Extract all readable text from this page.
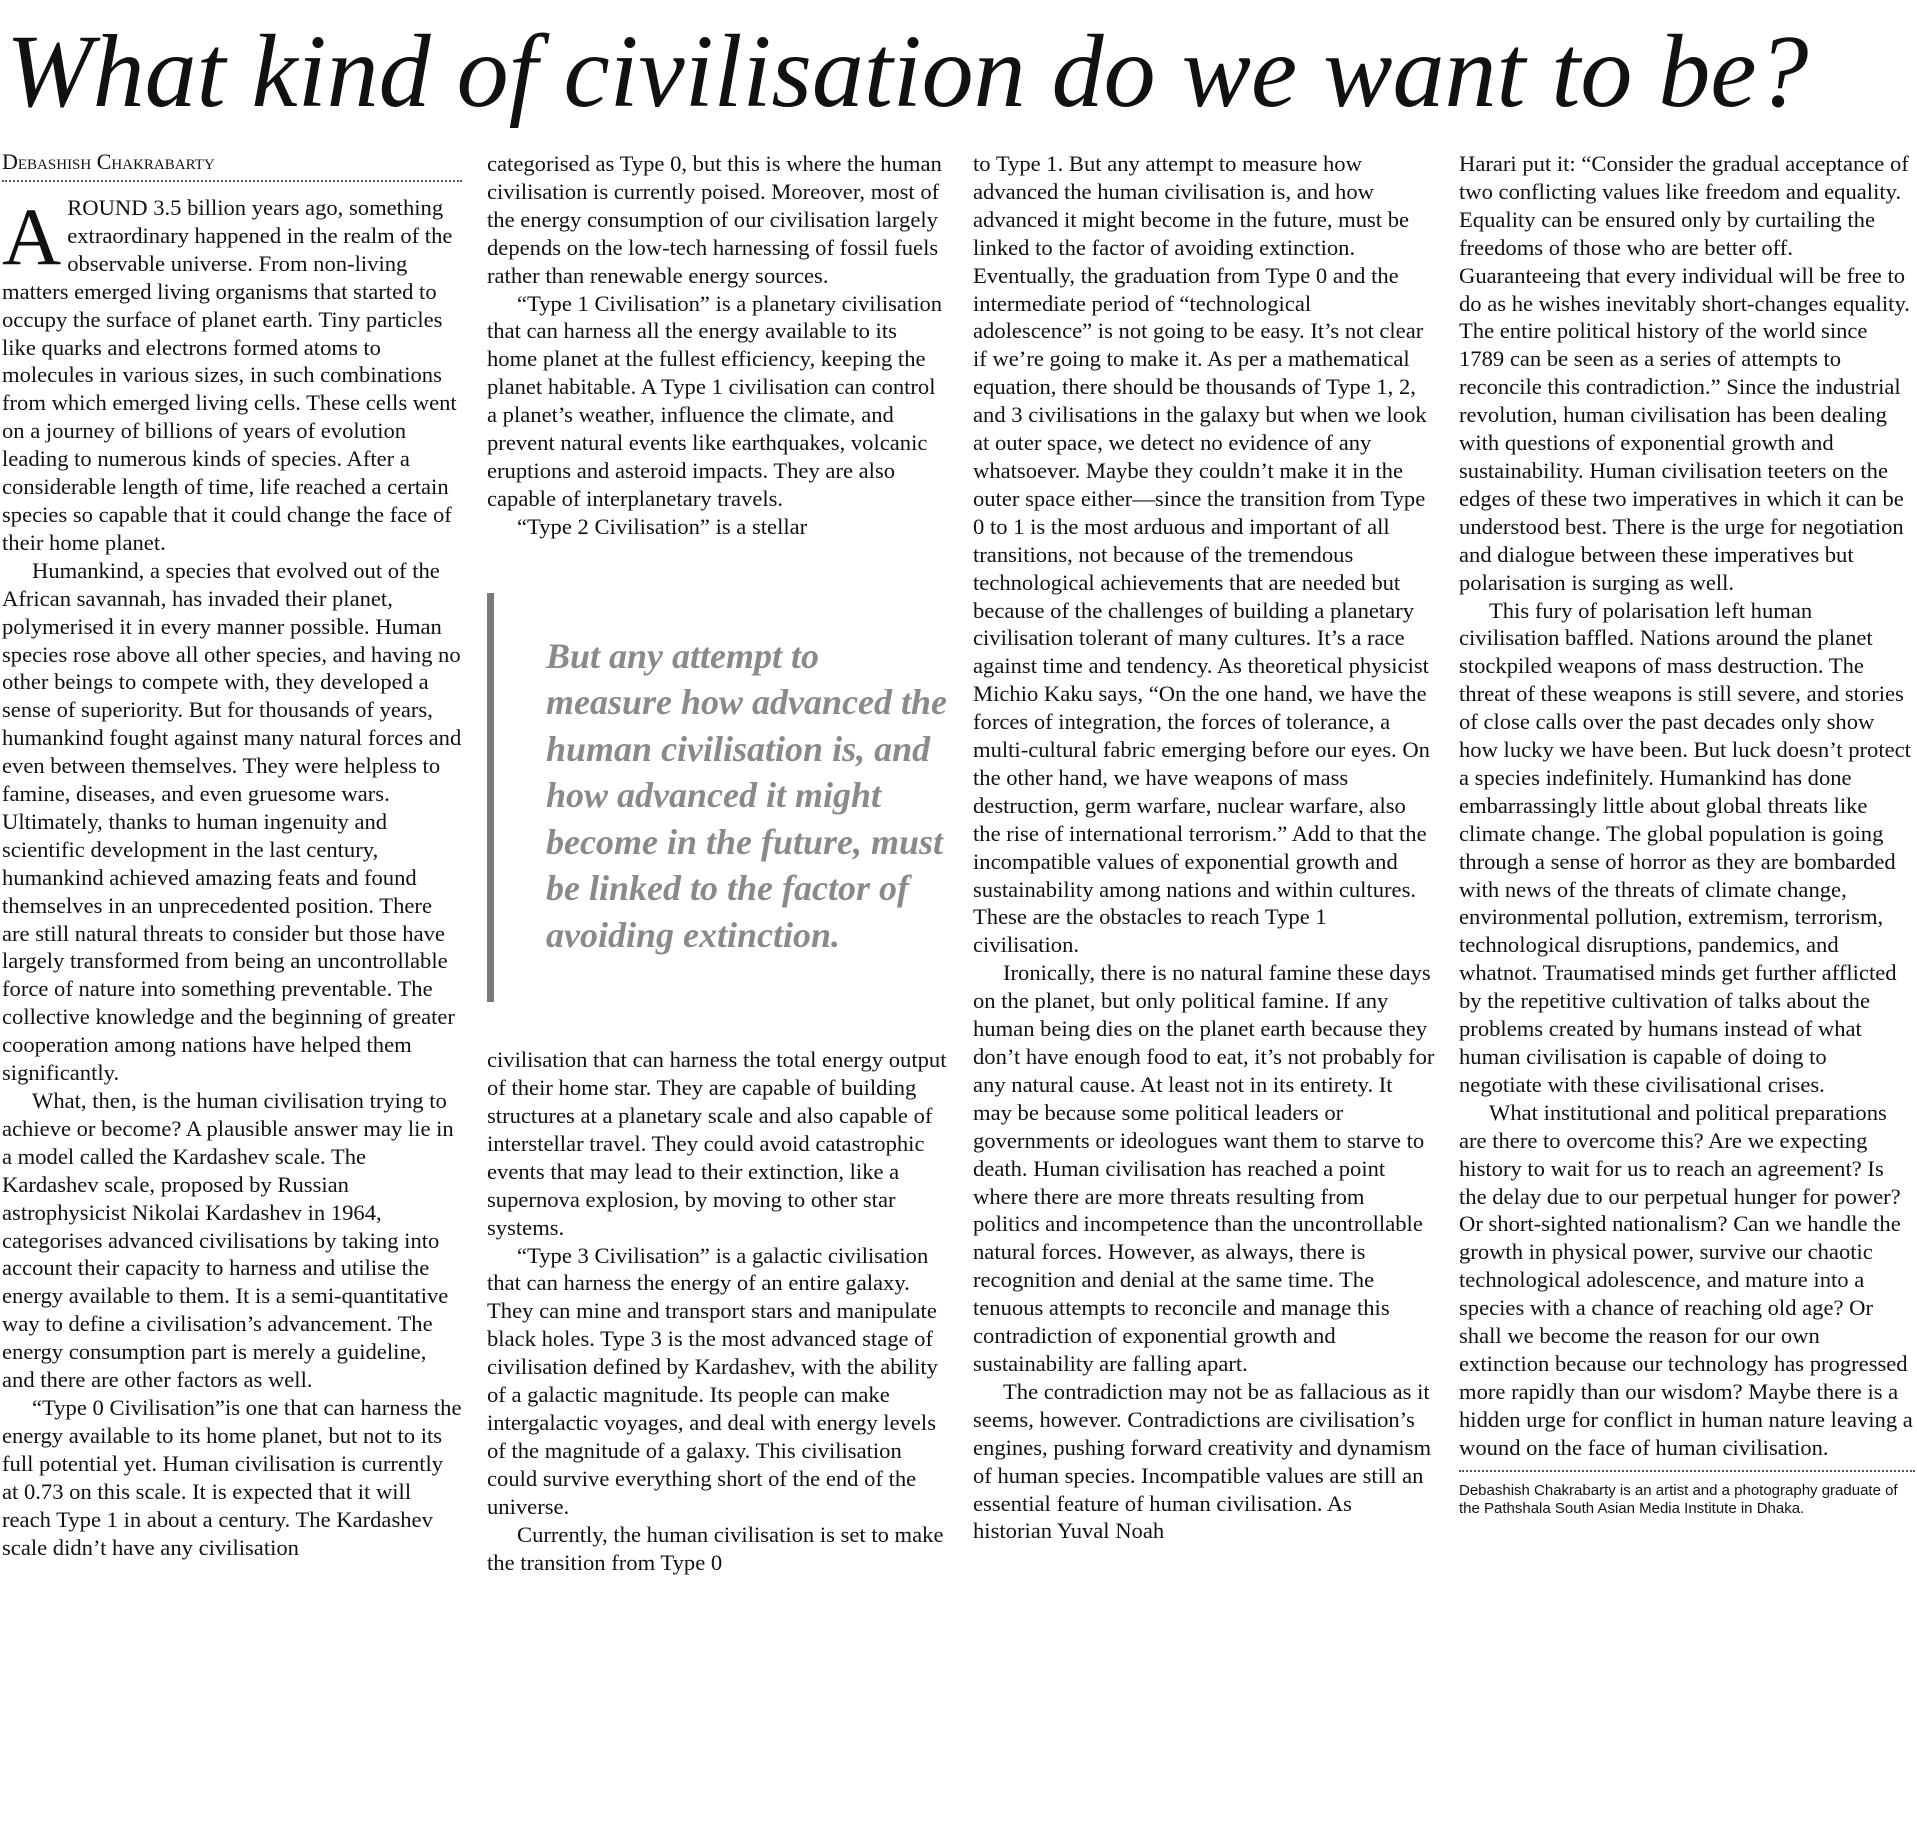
What kind of civilisation do we want to be?
Debashish Chakrabarty

AROUND 3.5 billion years ago, something extraordinary happened in the realm of the observable universe. From non-living matters emerged living organisms that started to occupy the surface of planet earth. Tiny particles like quarks and electrons formed atoms to molecules in various sizes, in such combinations from which emerged living cells. These cells went on a journey of billions of years of evolution leading to numerous kinds of species. After a considerable length of time, life reached a certain species so capable that it could change the face of their home planet.

Humankind, a species that evolved out of the African savannah, has invaded their planet, polymerised it in every manner possible. Human species rose above all other species, and having no other beings to compete with, they developed a sense of superiority. But for thousands of years, humankind fought against many natural forces and even between themselves. They were helpless to famine, diseases, and even gruesome wars. Ultimately, thanks to human ingenuity and scientific development in the last century, humankind achieved amazing feats and found themselves in an unprecedented position. There are still natural threats to consider but those have largely transformed from being an uncontrollable force of nature into something preventable. The collective knowledge and the beginning of greater cooperation among nations have helped them significantly.

What, then, is the human civilisation trying to achieve or become? A plausible answer may lie in a model called the Kardashev scale. The Kardashev scale, proposed by Russian astrophysicist Nikolai Kardashev in 1964, categorises advanced civilisations by taking into account their capacity to harness and utilise the energy available to them. It is a semi-quantitative way to define a civilisation’s advancement. The energy consumption part is merely a guideline, and there are other factors as well.

“Type 0 Civilisation”is one that can harness the energy available to its home planet, but not to its full potential yet. Human civilisation is currently at 0.73 on this scale. It is expected that it will reach Type 1 in about a century. The Kardashev scale didn’t have any civilisation

categorised as Type 0, but this is where the human civilisation is currently poised. Moreover, most of the energy consumption of our civilisation largely depends on the low-tech harnessing of fossil fuels rather than renewable energy sources.

“Type 1 Civilisation” is a planetary civilisation that can harness all the energy available to its home planet at the fullest efficiency, keeping the planet habitable. A Type 1 civilisation can control a planet’s weather, influence the climate, and prevent natural events like earthquakes, volcanic eruptions and asteroid impacts. They are also capable of interplanetary travels.

“Type 2 Civilisation” is a stellar

But any attempt to measure how advanced the human civilisation is, and how advanced it might become in the future, must be linked to the factor of avoiding extinction.

civilisation that can harness the total energy output of their home star. They are capable of building structures at a planetary scale and also capable of interstellar travel. They could avoid catastrophic events that may lead to their extinction, like a supernova explosion, by moving to other star systems.

“Type 3 Civilisation” is a galactic civilisation that can harness the energy of an entire galaxy. They can mine and transport stars and manipulate black holes. Type 3 is the most advanced stage of civilisation defined by Kardashev, with the ability of a galactic magnitude. Its people can make intergalactic voyages, and deal with energy levels of the magnitude of a galaxy. This civilisation could survive everything short of the end of the universe.

Currently, the human civilisation is set to make the transition from Type 0

to Type 1. But any attempt to measure how advanced the human civilisation is, and how advanced it might become in the future, must be linked to the factor of avoiding extinction. Eventually, the graduation from Type 0 and the intermediate period of “technological adolescence” is not going to be easy. It’s not clear if we’re going to make it. As per a mathematical equation, there should be thousands of Type 1, 2, and 3 civilisations in the galaxy but when we look at outer space, we detect no evidence of any whatsoever. Maybe they couldn’t make it in the outer space either—since the transition from Type 0 to 1 is the most arduous and important of all transitions, not because of the tremendous technological achievements that are needed but because of the challenges of building a planetary civilisation tolerant of many cultures. It’s a race against time and tendency. As theoretical physicist Michio Kaku says, “On the one hand, we have the forces of integration, the forces of tolerance, a multi-cultural fabric emerging before our eyes. On the other hand, we have weapons of mass destruction, germ warfare, nuclear warfare, also the rise of international terrorism.” Add to that the incompatible values of exponential growth and sustainability among nations and within cultures. These are the obstacles to reach Type 1 civilisation.

Ironically, there is no natural famine these days on the planet, but only political famine. If any human being dies on the planet earth because they don’t have enough food to eat, it’s not probably for any natural cause. At least not in its entirety. It may be because some political leaders or governments or ideologues want them to starve to death. Human civilisation has reached a point where there are more threats resulting from politics and incompetence than the uncontrollable natural forces. However, as always, there is recognition and denial at the same time. The tenuous attempts to reconcile and manage this contradiction of exponential growth and sustainability are falling apart.

The contradiction may not be as fallacious as it seems, however. Contradictions are civilisation’s engines, pushing forward creativity and dynamism of human species. Incompatible values are still an essential feature of human civilisation. As historian Yuval Noah

Harari put it: “Consider the gradual acceptance of two conflicting values like freedom and equality. Equality can be ensured only by curtailing the freedoms of those who are better off. Guaranteeing that every individual will be free to do as he wishes inevitably short-changes equality. The entire political history of the world since 1789 can be seen as a series of attempts to reconcile this contradiction.” Since the industrial revolution, human civilisation has been dealing with questions of exponential growth and sustainability. Human civilisation teeters on the edges of these two imperatives in which it can be understood best. There is the urge for negotiation and dialogue between these imperatives but polarisation is surging as well.

This fury of polarisation left human civilisation baffled. Nations around the planet stockpiled weapons of mass destruction. The threat of these weapons is still severe, and stories of close calls over the past decades only show how lucky we have been. But luck doesn’t protect a species indefinitely. Humankind has done embarrassingly little about global threats like climate change. The global population is going through a sense of horror as they are bombarded with news of the threats of climate change, environmental pollution, extremism, terrorism, technological disruptions, pandemics, and whatnot. Traumatised minds get further afflicted by the repetitive cultivation of talks about the problems created by humans instead of what human civilisation is capable of doing to negotiate with these civilisational crises.

What institutional and political preparations are there to overcome this? Are we expecting history to wait for us to reach an agreement? Is the delay due to our perpetual hunger for power? Or short-sighted nationalism? Can we handle the growth in physical power, survive our chaotic technological adolescence, and mature into a species with a chance of reaching old age? Or shall we become the reason for our own extinction because our technology has progressed more rapidly than our wisdom? Maybe there is a hidden urge for conflict in human nature leaving a wound on the face of human civilisation.

Debashish Chakrabarty is an artist and a photography graduate of the Pathshala South Asian Media Institute in Dhaka.
